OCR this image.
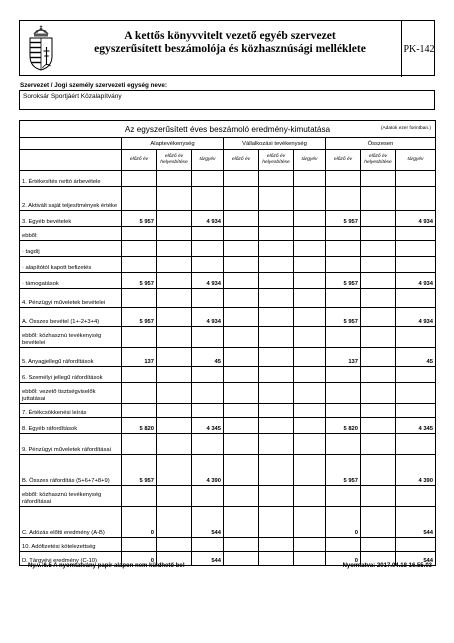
A kettős könyvvitelt vezető egyéb szervezet
egyszerűsített beszámolója és közhasznúsági melléklete	PK-142
Szervezet / Jogi személy szervezeti egység neve:
Soroksár Sportjáért Közalapítvány
Az egyszerűsített éves beszámoló eredmény-kimutatása (Adatok ezer forintban.)									

	Alaptevékenység			Vállalkozási tevékenység			Összesen		
	előző év	előző év helyesbítése	tárgyév	előző év	előző év helyesbítése	tárgyév	előző év	előző év helyesbítése	tárgyév
1. Értékesítés nettó árbevétele									
2. Aktivált saját teljesítmények értéke									
3. Egyéb bevételek	5 957		4 934				5 957		4 934
ebből:									
· tagdíj									
· alapítótól kapott befizetés									
· támogatások	5 957		4 934				5 957		4 934
4. Pénzügyi műveletek bevételei									
A. Összes bevétel (1+-2+3+4)	5 957		4 934				5 957		4 934
ebből: közhasznú tevékenység bevételei									
5. Anyagjellegű ráfordítások	137		45				137		45
6. Személyi jellegű ráfordítások									
ebből: vezető tisztségviselők juttatásai									
7. Értékcsökkenési leírás									
8. Egyéb ráfordítások	5 820		4 345				5 820		4 345
9. Pénzügyi műveletek ráfordításai									
B. Összes ráfordítás (5+6+7+8+9)	5 957		4 390				5 957		4 390
ebből: közhasznú tevékenység ráfordításai									
C. Adózás előtti eredmény (A-B)	0		544				0		544
10. Adófizetési kötelezettség									
D. Tárgyévi eredmény (C-10)	0		544				0		544
Ny.v.:6.5 A nyomtatvány papír alapon nem küldhető be!	Nyomtatva: 2017.04.18 16.55.03
